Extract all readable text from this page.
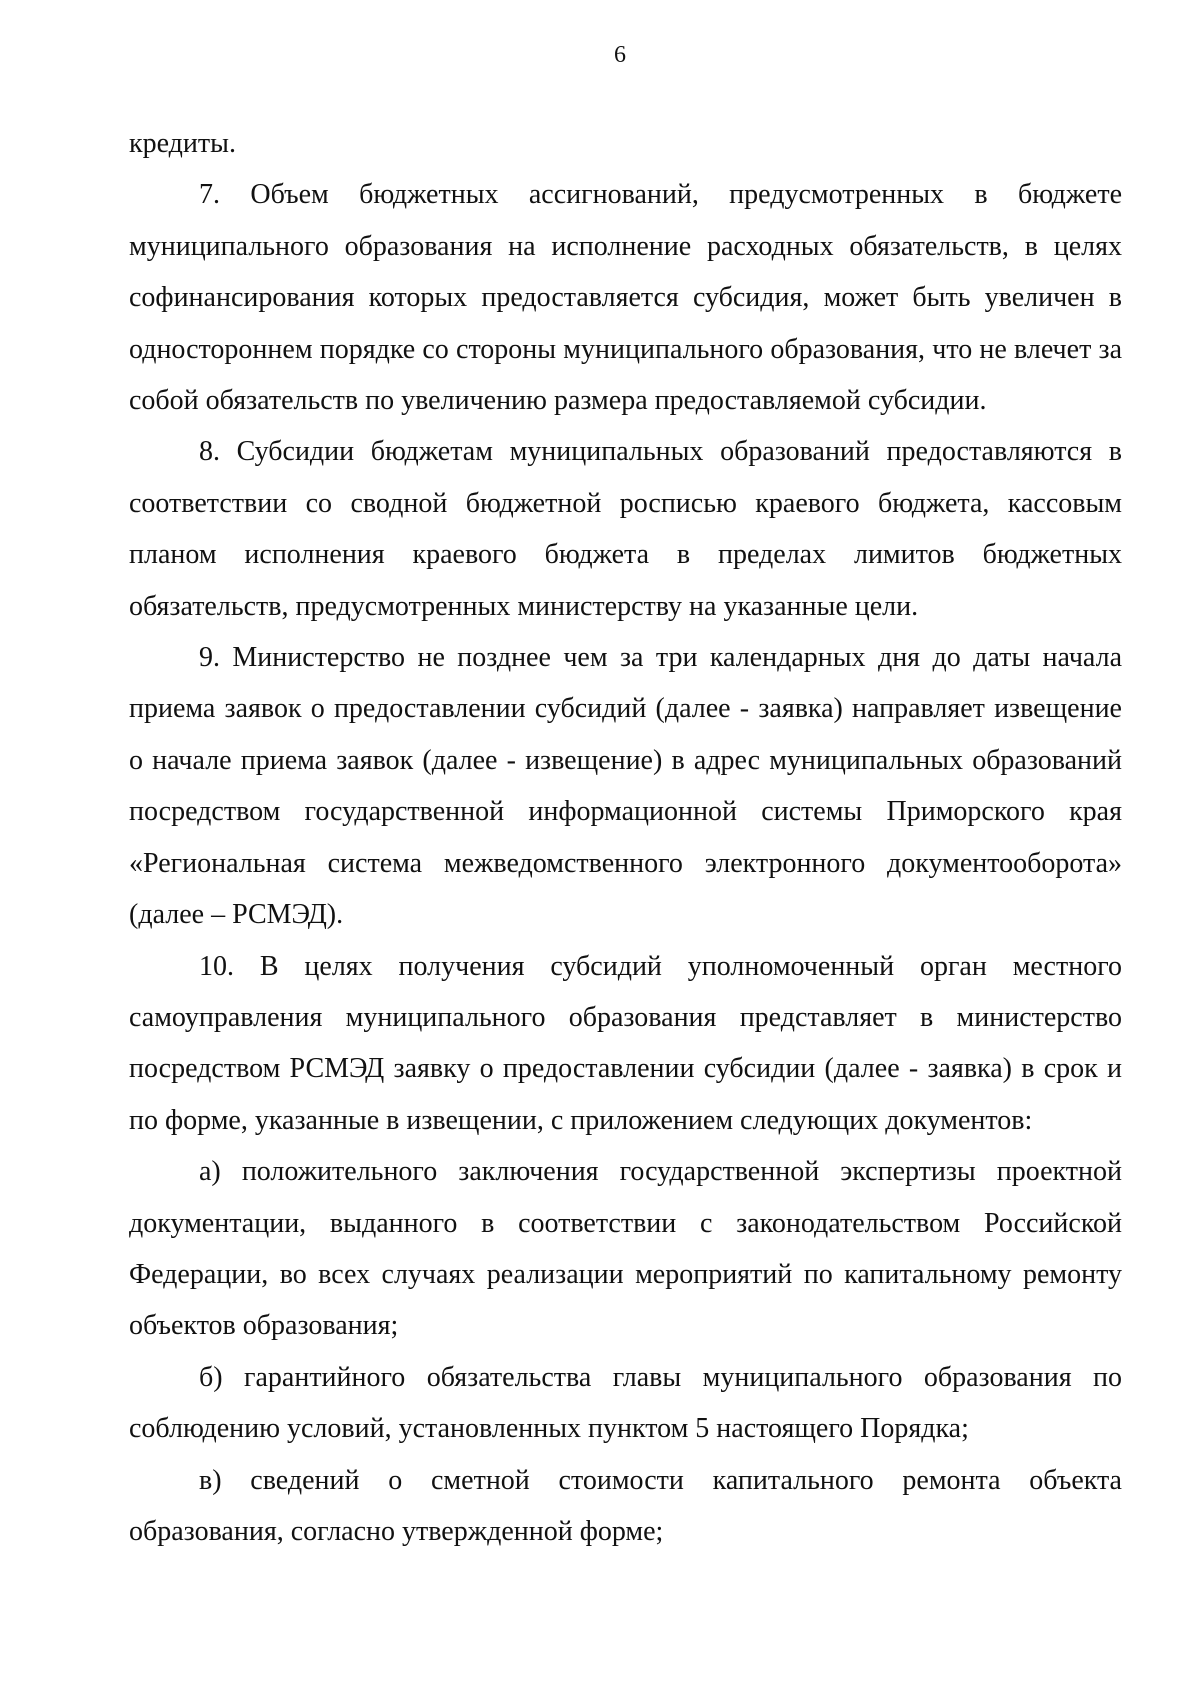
6

кредиты.

7. Объем бюджетных ассигнований, предусмотренных в бюджете муниципального образования на исполнение расходных обязательств, в целях софинансирования которых предоставляется субсидия, может быть увеличен в одностороннем порядке со стороны муниципального образования, что не влечет за собой обязательств по увеличению размера предоставляемой субсидии.

8. Субсидии бюджетам муниципальных образований предоставляются в соответствии со сводной бюджетной росписью краевого бюджета, кассовым планом исполнения краевого бюджета в пределах лимитов бюджетных обязательств, предусмотренных министерству на указанные цели.

9. Министерство не позднее чем за три календарных дня до даты начала приема заявок о предоставлении субсидий (далее - заявка) направляет извещение о начале приема заявок (далее - извещение) в адрес муниципальных образований посредством государственной информационной системы Приморского края «Региональная система межведомственного электронного документооборота» (далее – РСМЭД).

10. В целях получения субсидий уполномоченный орган местного самоуправления муниципального образования представляет в министерство посредством РСМЭД заявку о предоставлении субсидии (далее - заявка) в срок и по форме, указанные в извещении, с приложением следующих документов:

а) положительного заключения государственной экспертизы проектной документации, выданного в соответствии с законодательством Российской Федерации, во всех случаях реализации мероприятий по капитальному ремонту объектов образования;

б) гарантийного обязательства главы муниципального образования по соблюдению условий, установленных пунктом 5 настоящего Порядка;

в) сведений о сметной стоимости капитального ремонта объекта образования, согласно утвержденной форме;
